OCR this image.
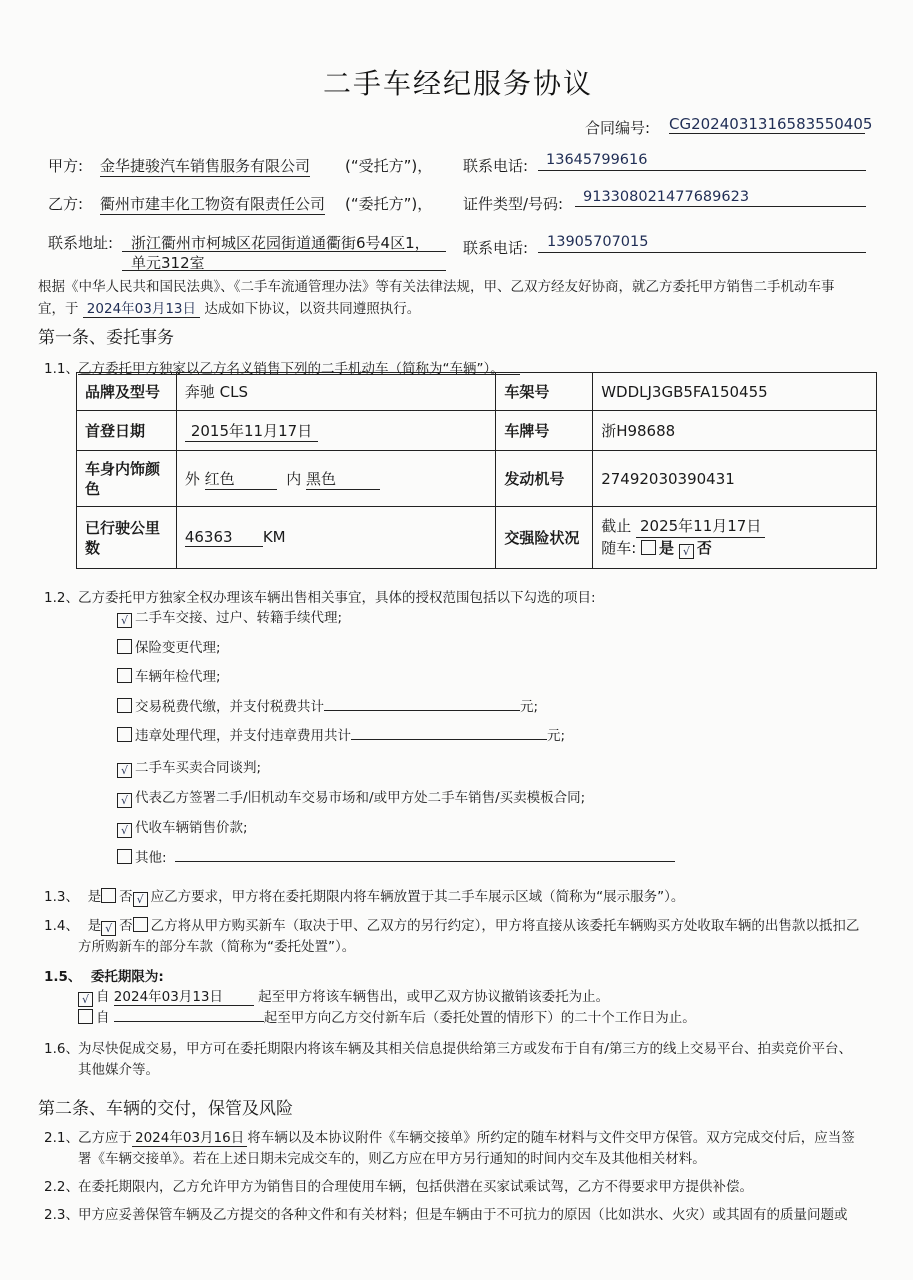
二手车经纪服务协议
合同编号: CG2024031316583550405
甲方: 金华捷骏汽车销售服务有限公司 (“受托方”)， 联系电话: 13645799616
乙方: 衢州市建丰化工物资有限责任公司 (“委托方”)， 证件类型/号码: 913308021477689623
联系地址: 浙江衢州市柯城区花园街道通衢街6号4区1，
单元312室
联系电话: 13905707015
根据《中华人民共和国民法典》、《二手车流通管理办法》等有关法律法规，甲、乙双方经友好协商，就乙方委托甲方销售二手机动车事
宜，于 2024年03月13日 达成如下协议，以资共同遵照执行。
第一条、委托事务
1.1、 乙方委托甲方独家以乙方名义销售下列的二手机动车（简称为“车辆”）。
品牌及型号	奔驰 CLS	车架号	WDDLJ3GB5FA150455
首登日期	2015年11月17日	车牌号	浙H98688
车身内饰颜色	外 红色 内 黑色	发动机号	27492030390431
已行驶公里数	46363 KM	交强险状况	截止 2025年11月17日
随车: 是 √ 否
1.2、 乙方委托甲方独家全权办理该车辆出售相关事宜，具体的授权范围包括以下勾选的项目:
√ 二手车交接、过户、转籍手续代理;
保险变更代理;
车辆年检代理;
交易税费代缴，并支付税费共计	元;
违章处理代理，并支付违章费用共计	元;
√ 二手车买卖合同谈判;
√ 代表乙方签署二手/旧机动车交易市场和/或甲方处二手车销售/买卖模板合同;
√ 代收车辆销售价款;
其他:
1.3、 是 否 √ 应乙方要求，甲方将在委托期限内将车辆放置于其二手车展示区域（简称为“展示服务”）。
1.4、 是 √ 否 乙方将从甲方购买新车（取决于甲、乙双方的另行约定），甲方将直接从该委托车辆购买方处收取车辆的出售款以抵扣乙
方所购新车的部分车款（简称为“委托处置”）。
1.5、 委托期限为:
√ 自 2024年03月13日	起至甲方将该车辆售出，或甲乙双方协议撤销该委托为止。
自	起至甲方向乙方交付新车后（委托处置的情形下）的二十个工作日为止。
1.6、 为尽快促成交易，甲方可在委托期限内将该车辆及其相关信息提供给第三方或发布于自有/第三方的线上交易平台、拍卖竞价平台、
其他媒介等。
第二条、车辆的交付，保管及风险
2.1、 乙方应于 2024年03月16日 将车辆以及本协议附件《车辆交接单》所约定的随车材料与文件交甲方保管。双方完成交付后，应当签
署《车辆交接单》。若在上述日期未完成交车的，则乙方应在甲方另行通知的时间内交车及其他相关材料。
2.2、 在委托期限内，乙方允许甲方为销售目的合理使用车辆，包括供潜在买家试乘试驾，乙方不得要求甲方提供补偿。
2.3、 甲方应妥善保管车辆及乙方提交的各种文件和有关材料；但是车辆由于不可抗力的原因（比如洪水、火灾）或其固有的质量问题或
